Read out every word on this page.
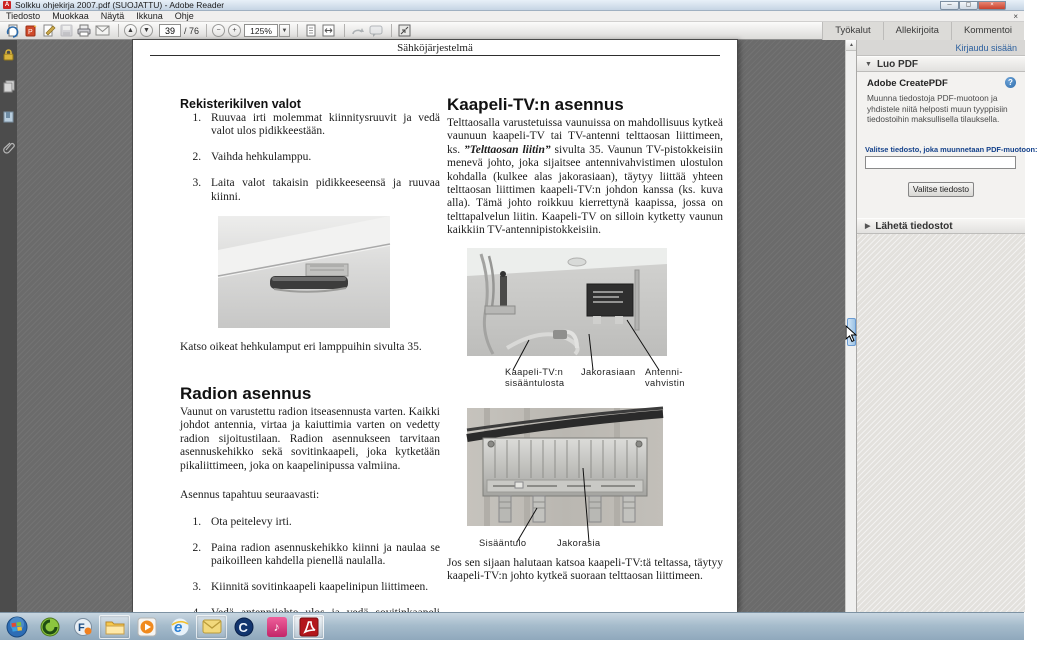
A Solkku ohjekirja 2007.pdf (SUOJATTU) - Adobe Reader	─	▢	×
Tiedosto	Muokkaa	Näytä	Ikkuna	Ohje	×
P	▲	▼
39	/ 76	−	+	125%	▼	Työkalut	Allekirjoita	Kommentoi
Sähköjärjestelmä
Rekisterikilven valot
1. Ruuvaa irti molemmat kiinnitysruuvit ja vedä valot ulos pidikkeestään.
2. Vaihda hehkulamppu.
3. Laita valot takaisin pidikkeeseensä ja ruuvaa kiinni.
Katso oikeat hehkulamput eri lamppuihin sivulta 35.
Radion asennus
Vaunut on varustettu radion itseasennusta varten. Kaikki johdot antennia, virtaa ja kaiuttimia varten on vedetty radion sijoitustilaan. Radion asennukseen tarvitaan asennuskehikko sekä sovitinkaapeli, joka kytketään pikaliittimeen, joka on kaapelinipussa valmiina.
Asennus tapahtuu seuraavasti:
1. Ota peitelevy irti.
2. Paina radion asennuskehikko kiinni ja naulaa se paikoilleen kahdella pienellä naulalla.
3. Kiinnitä sovitinkaapeli kaapelinipun liittimeen.
4.
Kaapeli-TV:n asennus
Telttaosalla varustetuissa vaunuissa on mahdollisuus kytkeä vaunuun kaapeli-TV tai TV-antenni telttaosan liittimeen, ks. ”Telttaosan liitin” sivulta 35. Vaunun TV-pistokkeisiin menevä johto, joka sijaitsee antennivahvistimen ulostulon kohdalla (kulkee alas jakorasiaan), täytyy liittää yhteen telttaosan liittimen kaapeli-TV:n johdon kanssa (ks. kuva alla). Tämä johto roikkuu kierrettynä kaapissa, jossa on telttapalvelun liitin. Kaapeli-TV on silloin kytketty vaunun kaikkiin TV-antennipistokkeisiin.
Kaapeli-TV:n sisääntulosta
Jakorasiaan	Antenni-vahvistin
Sisääntulo	Jakorasia
Jos sen sijaan halutaan katsoa kaapeli-TV:tä teltassa, täytyy kaapeli-TV:n johto kytkeä suoraan telttaosan liittimeen.
▲	Kirjaudu sisään
▼ Luo PDF
Adobe CreatePDF	?
Muunna tiedostoja PDF-muotoon ja yhdistele niitä helposti muun tyyppisiin tiedostoihin maksullisella tilauksella.
Valitse tiedosto, joka muunnetaan PDF-muotoon:
Valitse tiedosto
▶ Lähetä tiedostot
F	e	C	♪
